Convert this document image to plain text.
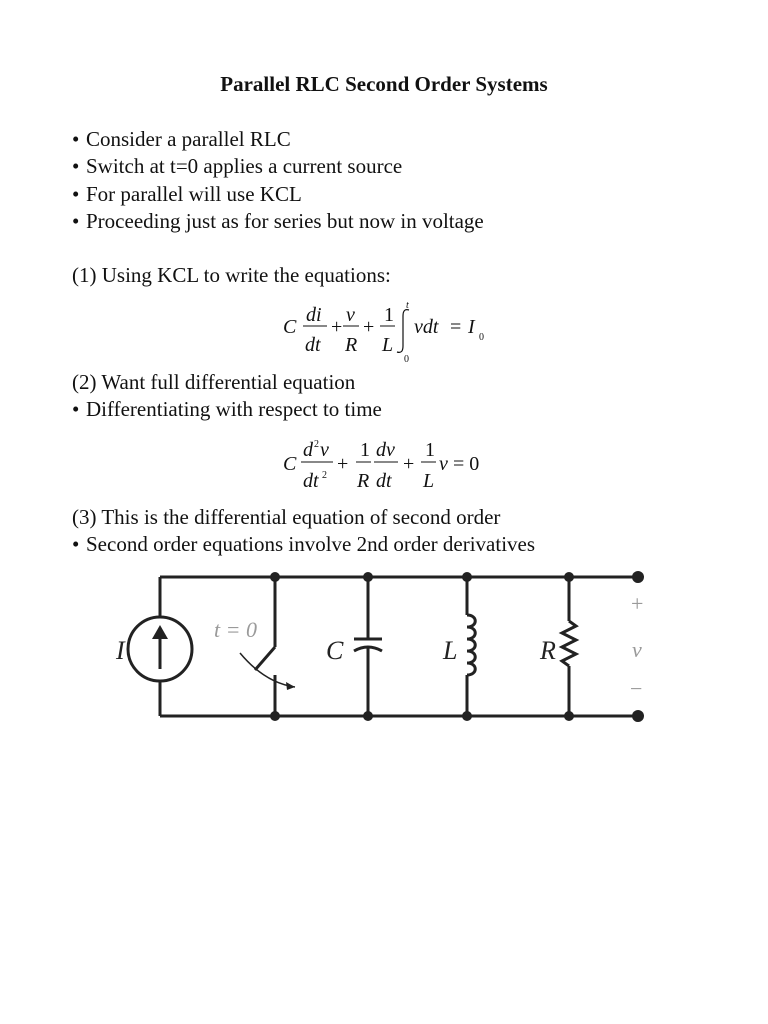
Parallel RLC Second Order Systems
• Consider a parallel RLC
• Switch at t=0 applies a current source
• For parallel will use KCL
• Proceeding just as for series but now in voltage
(1) Using KCL to write the equations:
C
di
dt
+
v
R
+
1
L
t
0
vdt = I 0
(2) Want full differential equation
• Differentiating with respect to time
C
d 2 v
dt 2
+
1
R
dv
dt
+
1
L
v = 0
(3) This is the differential equation of second order
• Second order equations involve 2nd order derivatives
I
t = 0
C	L	R
+
v
−
